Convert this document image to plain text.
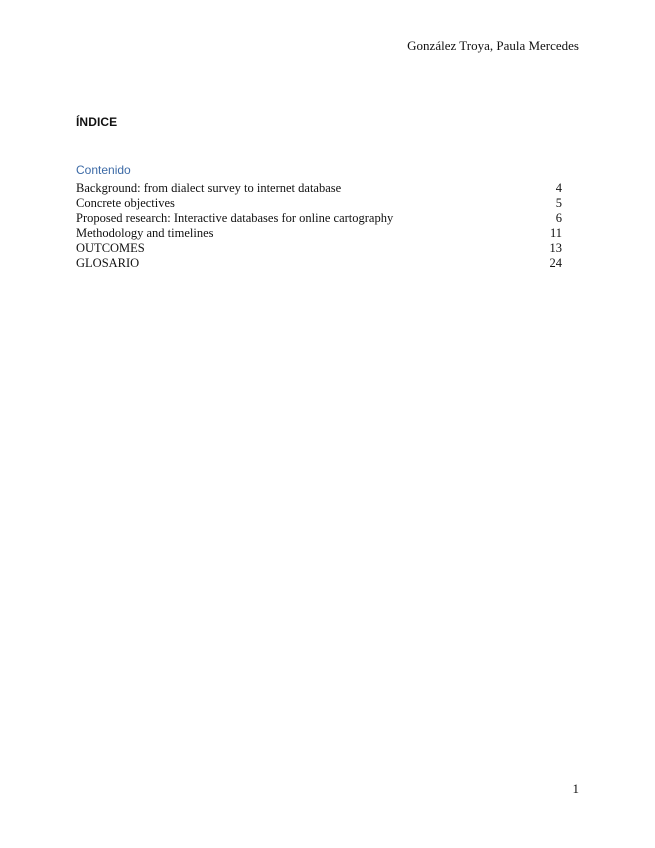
González Troya, Paula Mercedes
ÍNDICE
Contenido
Background: from dialect survey to internet database	4
Concrete objectives	5
Proposed research: Interactive databases for online cartography	6
Methodology and timelines	11
OUTCOMES	13
GLOSARIO	24
1
